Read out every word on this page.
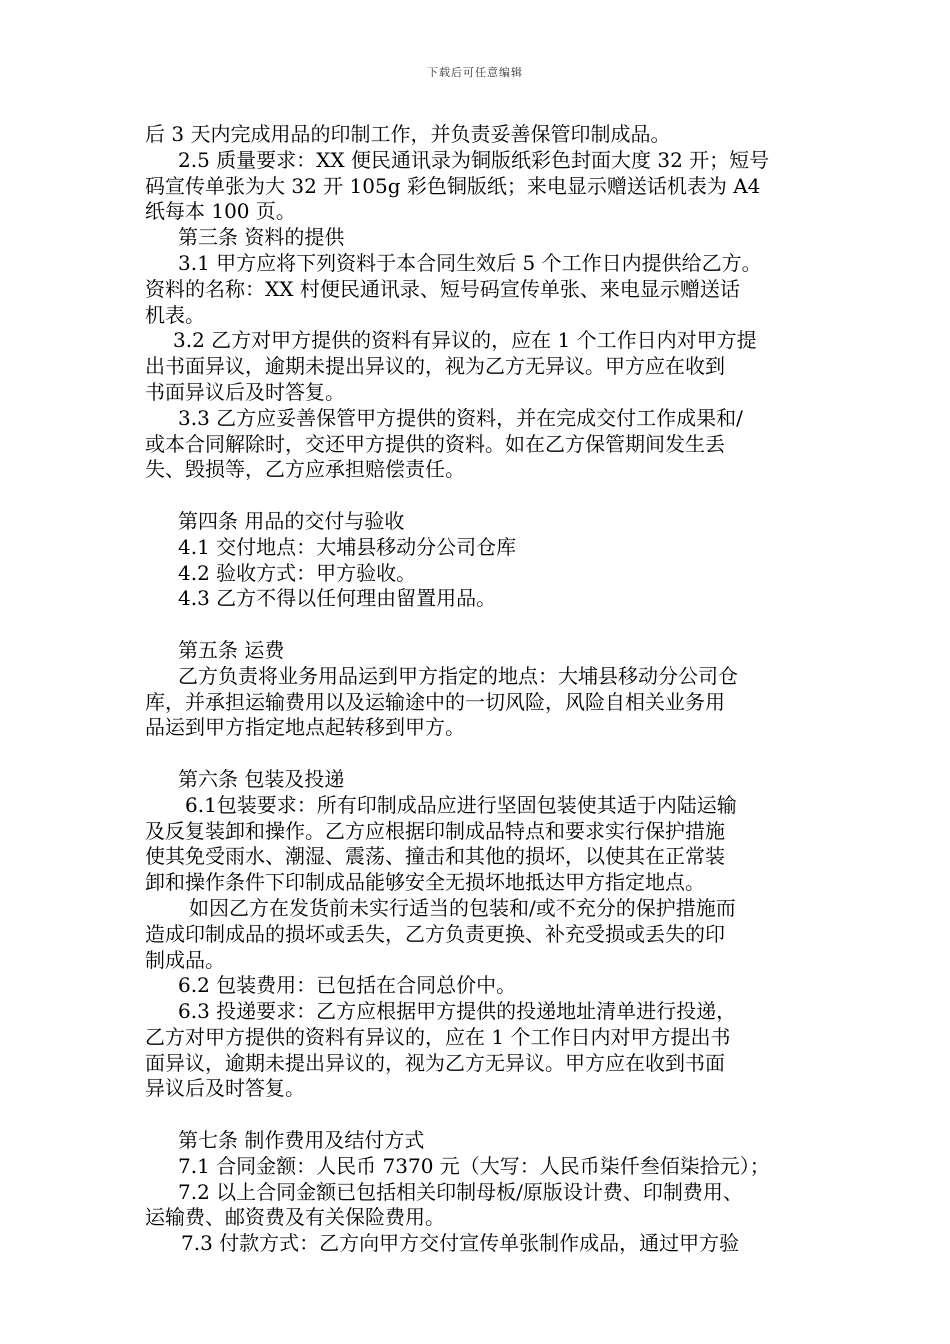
下载后可任意编辑
后 3 天内完成用品的印制工作，并负责妥善保管印制成品。
2.5 质量要求：XX 便民通讯录为铜版纸彩色封面大度 32 开；短号
码宣传单张为大 32 开 105g 彩色铜版纸；来电显示赠送话机表为 A4
纸每本 100 页。
第三条 资料的提供
3.1 甲方应将下列资料于本合同生效后 5 个工作日内提供给乙方。
资料的名称：XX 村便民通讯录、短号码宣传单张、来电显示赠送话
机表。
3.2 乙方对甲方提供的资料有异议的，应在 1 个工作日内对甲方提
出书面异议，逾期未提出异议的，视为乙方无异议。甲方应在收到
书面异议后及时答复。
3.3 乙方应妥善保管甲方提供的资料，并在完成交付工作成果和/
或本合同解除时，交还甲方提供的资料。如在乙方保管期间发生丢
失、毁损等，乙方应承担赔偿责任。
第四条 用品的交付与验收
4.1 交付地点：大埔县移动分公司仓库
4.2 验收方式：甲方验收。
4.3 乙方不得以任何理由留置用品。
第五条 运费
乙方负责将业务用品运到甲方指定的地点：大埔县移动分公司仓
库，并承担运输费用以及运输途中的一切风险，风险自相关业务用
品运到甲方指定地点起转移到甲方。
第六条 包装及投递
6.1包装要求：所有印制成品应进行坚固包装使其适于内陆运输
及反复装卸和操作。乙方应根据印制成品特点和要求实行保护措施
使其免受雨水、潮湿、震荡、撞击和其他的损坏，以使其在正常装
卸和操作条件下印制成品能够安全无损坏地抵达甲方指定地点。
如因乙方在发货前未实行适当的包装和/或不充分的保护措施而
造成印制成品的损坏或丢失，乙方负责更换、补充受损或丢失的印
制成品。
6.2 包装费用：已包括在合同总价中。
6.3 投递要求：乙方应根据甲方提供的投递地址清单进行投递，
乙方对甲方提供的资料有异议的，应在 1 个工作日内对甲方提出书
面异议，逾期未提出异议的，视为乙方无异议。甲方应在收到书面
异议后及时答复。
第七条 制作费用及结付方式
7.1 合同金额：人民币 7370 元（大写：人民币柒仟叁佰柒拾元）；
7.2 以上合同金额已包括相关印制母板/原版设计费、印制费用、
运输费、邮资费及有关保险费用。
7.3 付款方式：乙方向甲方交付宣传单张制作成品，通过甲方验
